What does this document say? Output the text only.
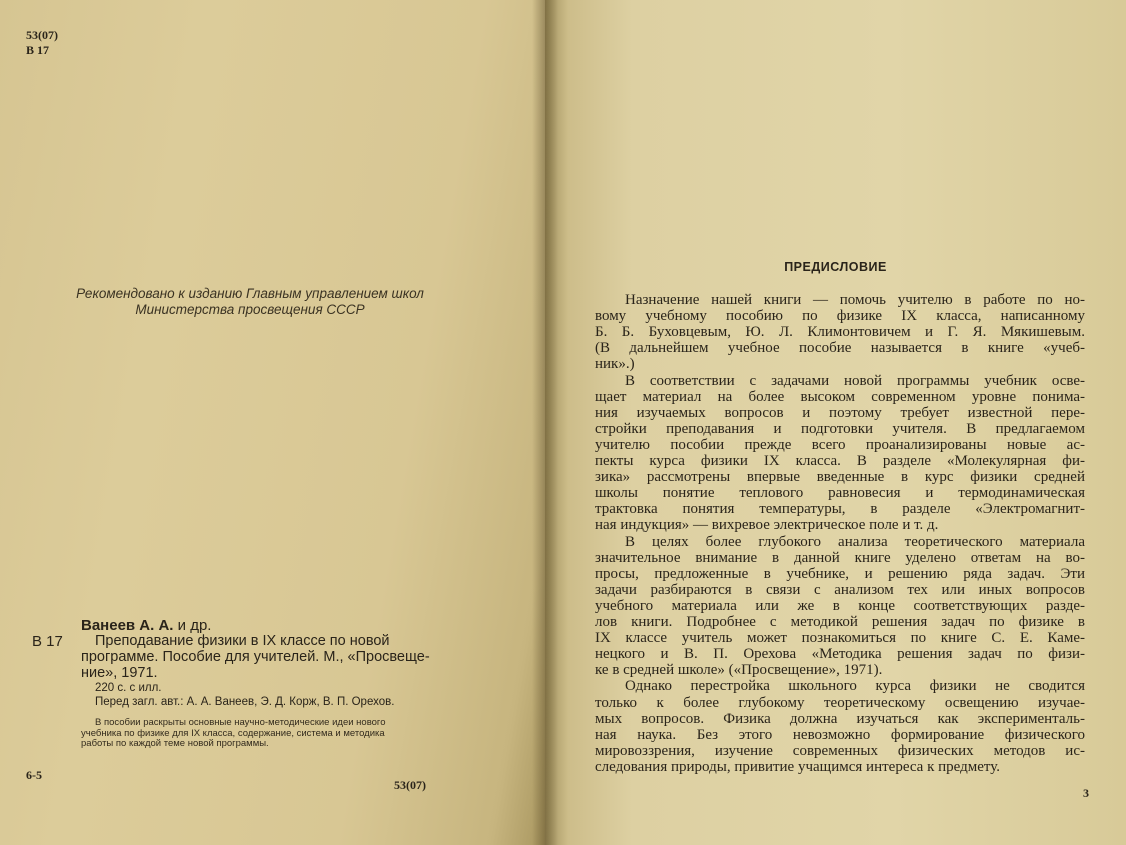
53(07)
B 17
Рекомендовано к изданию Главным управлением школ
Министерства просвещения СССР
Ванеев А. А. и др.
В 17	Преподавание физики в IX классе по новой
программе. Пособие для учителей. М., «Просвеще-
ние», 1971.
220 с. с илл.
Перед загл. авт.: А. А. Ванеев, Э. Д. Корж, В. П. Орехов.
В пособии раскрыты основные научно-методические идеи нового
учебника по физике для IX класса, содержание, система и методика
работы по каждой теме новой программы.
6-5
53(07)
ПРЕДИСЛОВИЕ
Назначение нашей книги — помочь учителю в работе по но-
вому учебному пособию по физике IX класса, написанному
Б. Б. Буховцевым, Ю. Л. Климонтовичем и Г. Я. Мякишевым.
(В дальнейшем учебное пособие называется в книге «учеб-
ник».)
В соответствии с задачами новой программы учебник осве-
щает материал на более высоком современном уровне понима-
ния изучаемых вопросов и поэтому требует известной пере-
стройки преподавания и подготовки учителя. В предлагаемом
учителю пособии прежде всего проанализированы новые ас-
пекты курса физики IX класса. В разделе «Молекулярная фи-
зика» рассмотрены впервые введенные в курс физики средней
школы понятие теплового равновесия и термодинамическая
трактовка понятия температуры, в разделе «Электромагнит-
ная индукция» — вихревое электрическое поле и т. д.
В целях более глубокого анализа теоретического материала
значительное внимание в данной книге уделено ответам на во-
просы, предложенные в учебнике, и решению ряда задач. Эти
задачи разбираются в связи с анализом тех или иных вопросов
учебного материала или же в конце соответствующих разде-
лов книги. Подробнее с методикой решения задач по физике в
IX классе учитель может познакомиться по книге С. Е. Каме-
нецкого и В. П. Орехова «Методика решения задач по физи-
ке в средней школе» («Просвещение», 1971).
Однако перестройка школьного курса физики не сводится
только к более глубокому теоретическому освещению изучае-
мых вопросов. Физика должна изучаться как эксперименталь-
ная наука. Без этого невозможно формирование физического
мировоззрения, изучение современных физических методов ис-
следования природы, привитие учащимся интереса к предмету.
3
